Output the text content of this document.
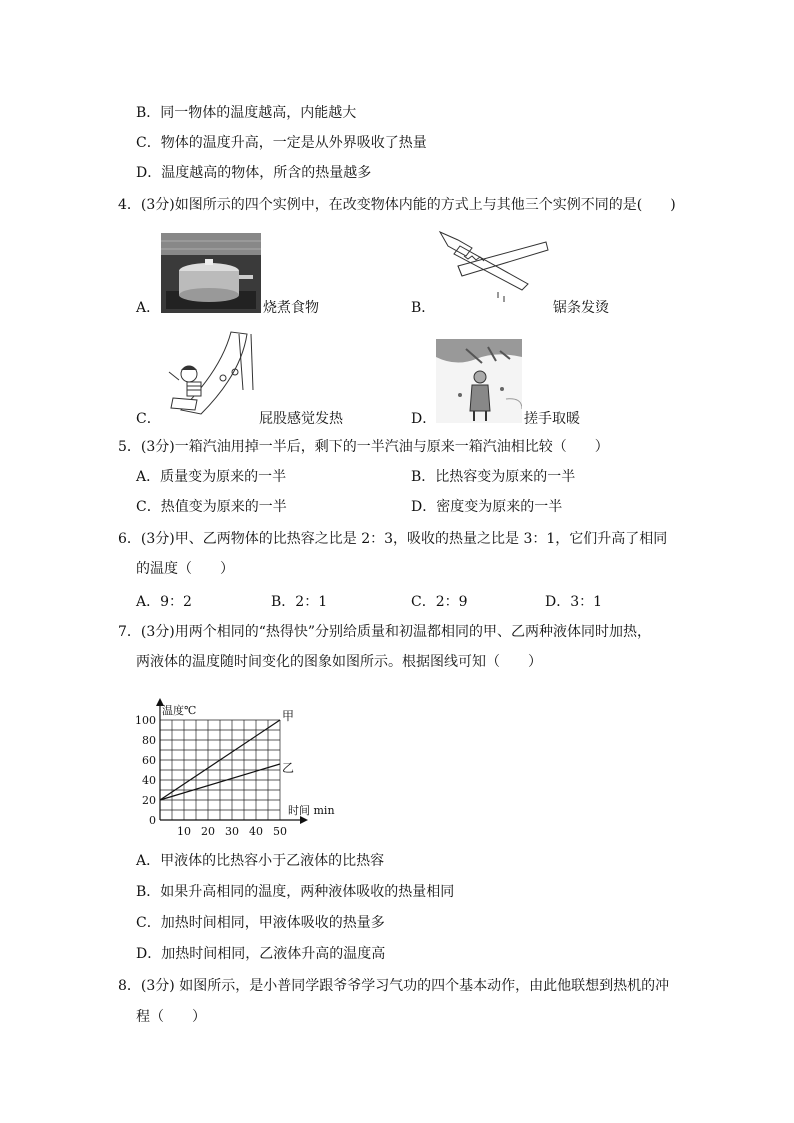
B．同一物体的温度越高，内能越大
C．物体的温度升高，一定是从外界吸收了热量
D．温度越高的物体，所含的热量越多
4．(3分)如图所示的四个实例中，在改变物体内能的方式上与其他三个实例不同的是(　　)
A．	烧煮食物	B．	锯条发烫
C．	屁股感觉发热	D．	搓手取暖
5．(3分)一箱汽油用掉一半后，剩下的一半汽油与原来一箱汽油相比较（　　）
A．质量变为原来的一半	B．比热容变为原来的一半
C．热值变为原来的一半	D．密度变为原来的一半
6．(3分)甲、乙两物体的比热容之比是 2：3，吸收的热量之比是 3：1，它们升高了相同
的温度（　　）
A．9：2	B．2：1	C．2：9	D．3：1
7．(3分)用两个相同的“热得快”分别给质量和初温都相同的甲、乙两种液体同时加热，
两液体的温度随时间变化的图象如图所示。根据图线可知（　　）
0
20
40
60
80
100
10 20 30 40 50
温度℃
时间 min
甲
乙
A．甲液体的比热容小于乙液体的比热容
B．如果升高相同的温度，两种液体吸收的热量相同
C．加热时间相同，甲液体吸收的热量多
D．加热时间相同，乙液体升高的温度高
8．(3分) 如图所示，是小普同学跟爷爷学习气功的四个基本动作，由此他联想到热机的冲
程（　　）
